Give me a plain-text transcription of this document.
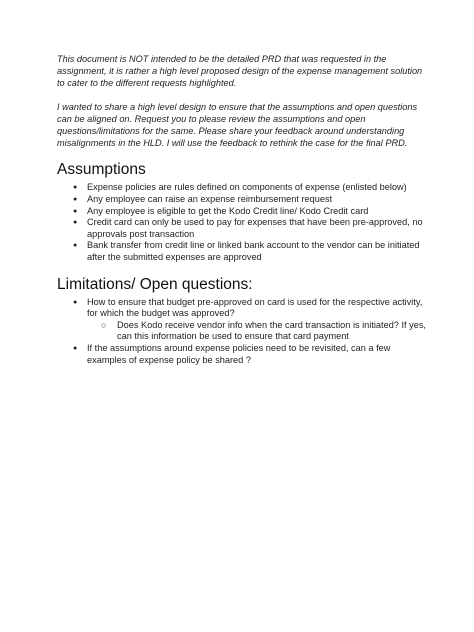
This document is NOT intended to be the detailed PRD that was requested in the assignment, it is rather a high level proposed design of the expense management solution to cater to the different requests highlighted.

I wanted to share a high level design to ensure that the assumptions and open questions can be aligned on. Request you to please review the assumptions and open questions/limitations for the same. Please share your feedback around understanding misalignments in the HLD. I will use the feedback to rethink the case for the final PRD.

Assumptions
● Expense policies are rules defined on components of expense (enlisted below)
● Any employee can raise an expense reimbursement request
● Any employee is eligible to get the Kodo Credit line/ Kodo Credit card
● Credit card can only be used to pay for expenses that have been pre-approved, no approvals post transaction
● Bank transfer from credit line or linked bank account to the vendor can be initiated after the submitted expenses are approved
Limitations/ Open questions:
● How to ensure that budget pre-approved on card is used for the respective activity, for which the budget was approved?
○ Does Kodo receive vendor info when the card transaction is initiated? If yes, can this information be used to ensure that card payment
● If the assumptions around expense policies need to be revisited, can a few examples of expense policy be shared ?
